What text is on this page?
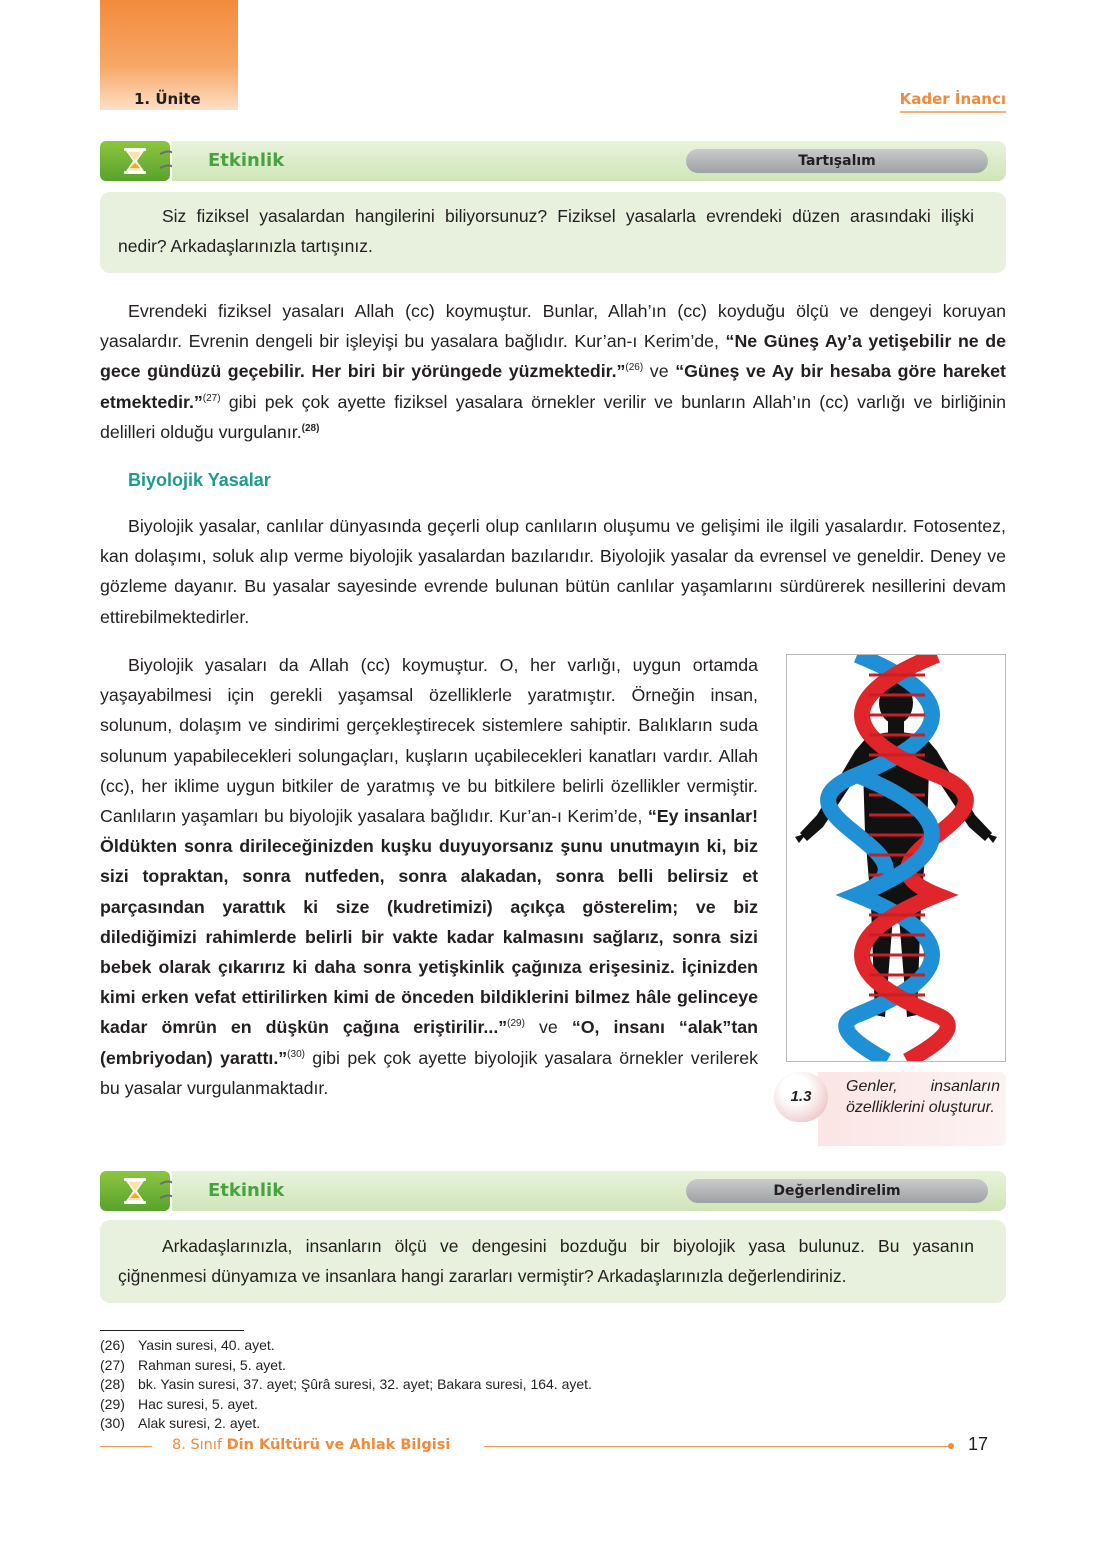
1. Ünite	Kader İnancı
Etkinlik	Tartışalım

Siz fiziksel yasalardan hangilerini biliyorsunuz? Fiziksel yasalarla evrendeki düzen arasındaki ilişki nedir? Arkadaşlarınızla tartışınız.

Evrendeki fiziksel yasaları Allah (cc) koymuştur. Bunlar, Allah’ın (cc) koyduğu ölçü ve dengeyi koruyan yasalardır. Evrenin dengeli bir işleyişi bu yasalara bağlıdır. Kur’an-ı Kerim’de, “Ne Güneş Ay’a yetişebilir ne de gece gündüzü geçebilir. Her biri bir yörüngede yüzmektedir.”$^{(26)}$ ve “Güneş ve Ay bir hesaba göre hareket etmektedir.”$^{(27)}$ gibi pek çok ayette fiziksel yasalara örnekler verilir ve bunların Allah’ın (cc) varlığı ve birliğinin delilleri olduğu vurgulanır.$^{(28)}$

Biyolojik Yasalar

Biyolojik yasalar, canlılar dünyasında geçerli olup canlıların oluşumu ve gelişimi ile ilgili yasalardır. Fotosentez, kan dolaşımı, soluk alıp verme biyolojik yasalardan bazılarıdır. Biyolojik yasalar da evrensel ve geneldir. Deney ve gözleme dayanır. Bu yasalar sayesinde evrende bulunan bütün canlılar yaşamlarını sürdürerek nesillerini devam ettirebilmektedirler.

Biyolojik yasaları da Allah (cc) koymuştur. O, her varlığı, uygun ortamda yaşayabilmesi için gerekli yaşamsal özelliklerle yaratmıştır. Örneğin insan, solunum, dolaşım ve sindirimi gerçekleştirecek sistemlere sahiptir. Balıkların suda solunum yapabilecekleri solungaçları, kuşların uçabilecekleri kanatları vardır. Allah (cc), her iklime uygun bitkiler de yaratmış ve bu bitkilere belirli özellikler vermiştir. Canlıların yaşamları bu biyolojik yasalara bağlıdır. Kur’an-ı Kerim’de, “Ey insanlar! Öldükten sonra dirileceğinizden kuşku duyuyorsanız şunu unutmayın ki, biz sizi topraktan, sonra nutfeden, sonra alakadan, sonra belli belirsiz et parçasından yarattık ki size (kudretimizi) açıkça gösterelim; ve biz dilediğimizi rahimlerde belirli bir vakte kadar kalmasını sağlarız, sonra sizi bebek olarak çıkarırız ki daha sonra yetişkinlik çağınıza erişesiniz. İçinizden kimi erken vefat ettirilirken kimi de önceden bildiklerini bilmez hâle gelinceye kadar ömrün en düşkün çağına eriştirilir...”$^{(29)}$ ve “O, insanı “alak”tan (embriyodan) yarattı.”$^{(30)}$ gibi pek çok ayette biyolojik yasalara örnekler verilerek bu yasalar vurgulanmaktadır.	1.3
Genler, insanların özelliklerini oluşturur.
Etkinlik	Değerlendirelim

Arkadaşlarınızla, insanların ölçü ve dengesini bozduğu bir biyolojik yasa bulunuz. Bu yasanın çiğnenmesi dünyamıza ve insanlara hangi zararları vermiştir? Arkadaşlarınızla değerlendiriniz.

(26) Yasin suresi, 40. ayet.
(27) Rahman suresi, 5. ayet.
(28) bk. Yasin suresi, 37. ayet; Şûrâ suresi, 32. ayet; Bakara suresi, 164. ayet.
(29) Hac suresi, 5. ayet.
(30) Alak suresi, 2. ayet.
8. Sınıf Din Kültürü ve Ahlak Bilgisi	17
